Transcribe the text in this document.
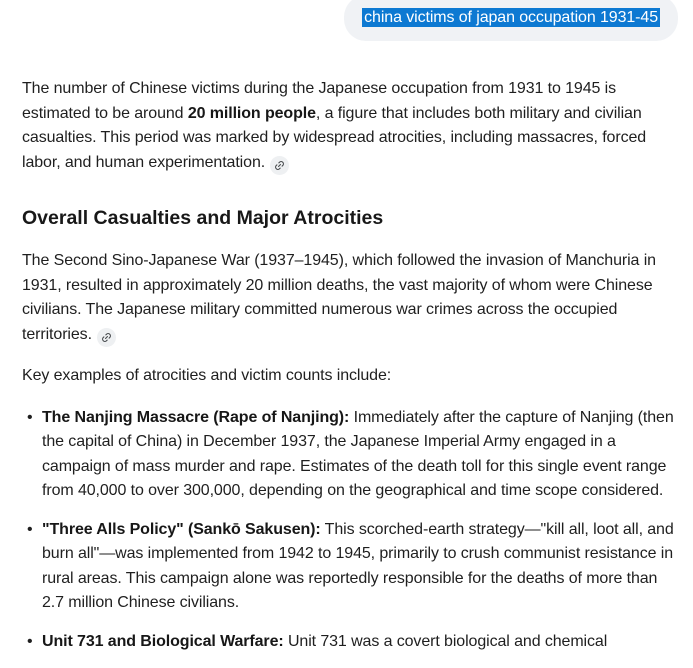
china victims of japan occupation 1931-45

The number of Chinese victims during the Japanese occupation from 1931 to 1945 is estimated to be around 20 million people, a figure that includes both military and civilian casualties. This period was marked by widespread atrocities, including massacres, forced labor, and human experimentation.

Overall Casualties and Major Atrocities

The Second Sino-Japanese War (1937–1945), which followed the invasion of Manchuria in 1931, resulted in approximately 20 million deaths, the vast majority of whom were Chinese civilians. The Japanese military committed numerous war crimes across the occupied territories.

Key examples of atrocities and victim counts include:

• The Nanjing Massacre (Rape of Nanjing): Immediately after the capture of Nanjing (then the capital of China) in December 1937, the Japanese Imperial Army engaged in a campaign of mass murder and rape. Estimates of the death toll for this single event range from 40,000 to over 300,000, depending on the geographical and time scope considered.
• "Three Alls Policy" (Sankō Sakusen): This scorched-earth strategy—"kill all, loot all, and burn all"—was implemented from 1942 to 1945, primarily to crush communist resistance in rural areas. This campaign alone was reportedly responsible for the deaths of more than 2.7 million Chinese civilians.
• Unit 731 and Biological Warfare: Unit 731 was a covert biological and chemical
